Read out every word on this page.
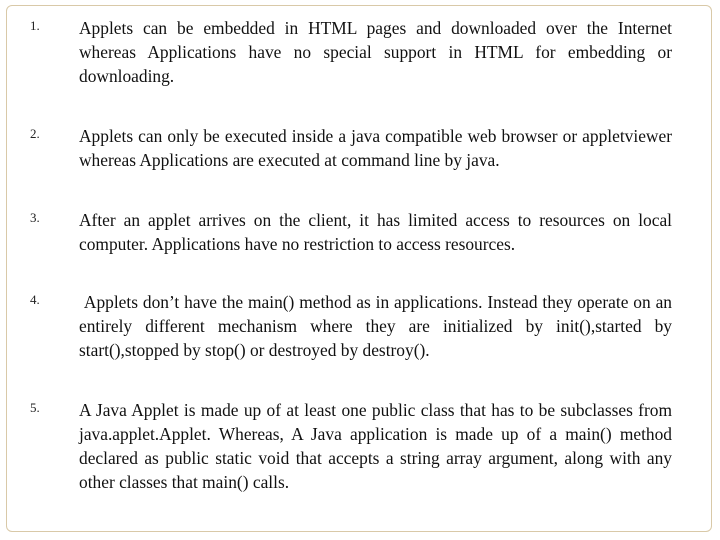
1. Applets can be embedded in HTML pages and downloaded over the Internet whereas Applications have no special support in HTML for embedding or downloading.

2. Applets can only be executed inside a java compatible web browser or appletviewer whereas Applications are executed at command line by java.

3. After an applet arrives on the client, it has limited access to resources on local computer. Applications have no restriction to access resources.

4. Applets don’t have the main() method as in applications. Instead they operate on an entirely different mechanism where they are initialized by init(),started by start(),stopped by stop() or destroyed by destroy().

5. A Java Applet is made up of at least one public class that has to be subclasses from java.applet.Applet. Whereas, A Java application is made up of a main() method declared as public static void that accepts a string array argument, along with any other classes that main() calls.
